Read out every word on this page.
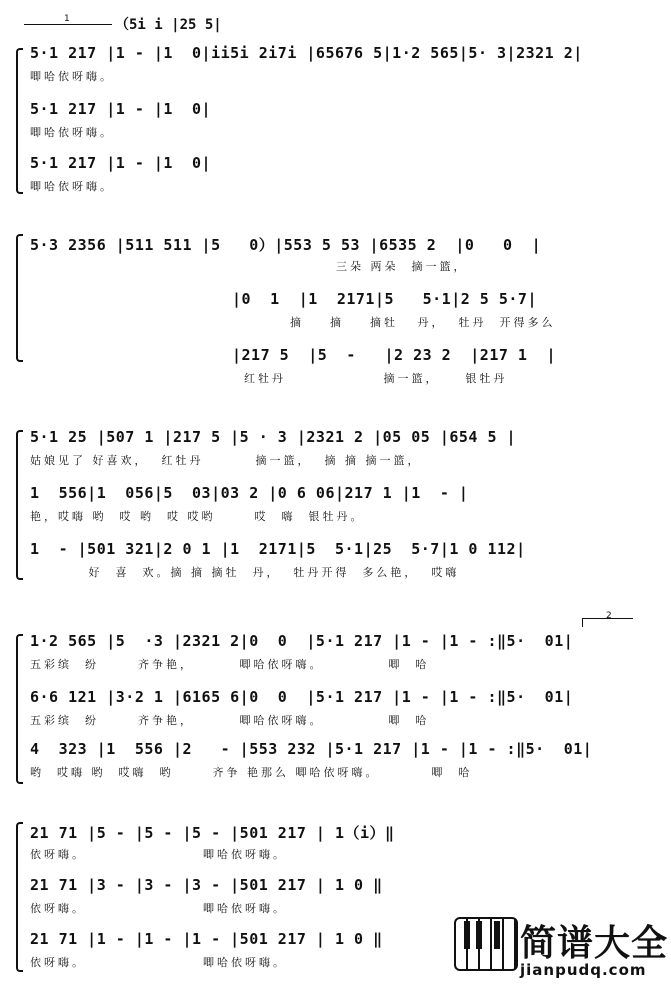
1	（5i i |25 5|
5·1 217 |1 - |1  0|ii5i 2i7i |65676 5|1·2 565|5· 3|2321 2|
唧哈依呀嗨。
5·1 217 |1 - |1  0|
唧哈依呀嗨。
5·1 217 |1 - |1  0|
唧哈依呀嗨。
5·3 2356 |511 511 |5   0）|553 5 53 |6535 2  |0   0  |
三朵 两朵  摘一篮，
|0  1  |1  2171|5   5·1|2 5 5·7|
摘    摘    摘牡   丹，  牡丹  开得多么
|217 5  |5  -   |2 23 2  |217 1  |
红牡丹               摘一篮，    银牡丹
5·1 25 |507 1 |217 5 |5 · 3 |2321 2 |05 05 |654 5 |
姑娘见了 好喜欢，  红牡丹        摘一篮，  摘 摘 摘一篮，
1  556|1  056|5  03|03 2 |0 6 06|217 1 |1  - |
艳，哎嗨 哟  哎 哟  哎 哎哟      哎  嗨  银牡丹。
1  - |501 321|2 0 1 |1  2171|5  5·1|25  5·7|1 0 112|
好  喜  欢。摘 摘 摘牡  丹，  牡丹开得  多么艳，  哎嗨
2
1·2 565 |5  ·3 |2321 2|0  0  |5·1 217 |1 - |1 - :‖5·  01|
五彩缤  纷      齐争艳，       唧哈依呀嗨。          唧  哈
6·6 121 |3·2 1 |6165 6|0  0  |5·1 217 |1 - |1 - :‖5·  01|
五彩缤  纷      齐争艳，       唧哈依呀嗨。          唧  哈
4  323 |1  556 |2   - |553 232 |5·1 217 |1 - |1 - :‖5·  01|
哟  哎嗨 哟  哎嗨  哟      齐争 艳那么 唧哈依呀嗨。        唧  哈
21 71 |5 - |5 - |5 - |501 217 | 1（i）‖
依呀嗨。                  唧哈依呀嗨。
21 71 |3 - |3 - |3 - |501 217 | 1 0 ‖
依呀嗨。                  唧哈依呀嗨。
21 71 |1 - |1 - |1 - |501 217 | 1 0 ‖
依呀嗨。                  唧哈依呀嗨。	简谱大全
jianpudq.com
